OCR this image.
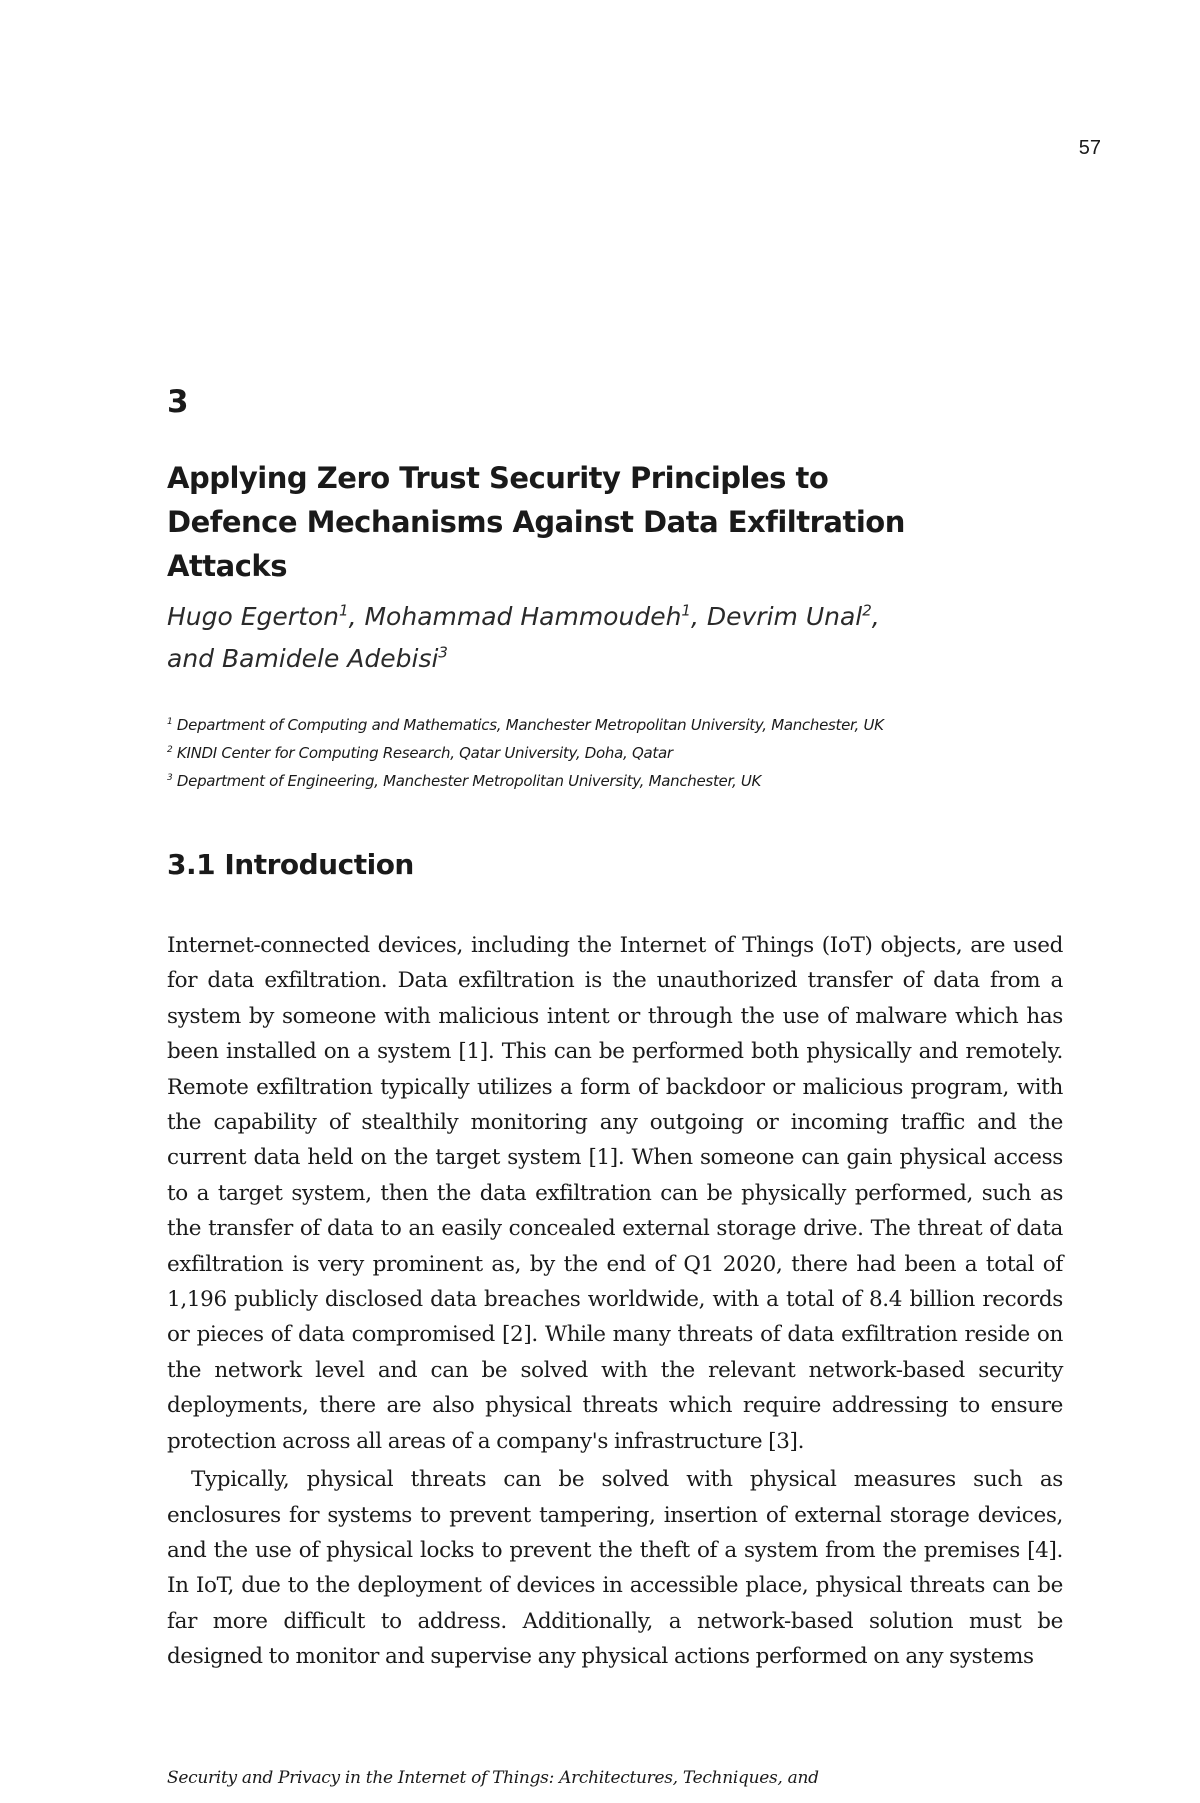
57
3
Applying Zero Trust Security Principles to Defence Mechanisms Against Data Exfiltration Attacks
Hugo Egerton$^1$, Mohammad Hammoudeh$^1$, Devrim Unal$^2$, and Bamidele Adebisi$^3$
$^1$ Department of Computing and Mathematics, Manchester Metropolitan University, Manchester, UK
$^2$ KINDI Center for Computing Research, Qatar University, Doha, Qatar
$^3$ Department of Engineering, Manchester Metropolitan University, Manchester, UK
3.1 Introduction

Internet-connected devices, including the Internet of Things (IoT) objects, are used for data exfiltration. Data exfiltration is the unauthorized transfer of data from a system by someone with malicious intent or through the use of malware which has been installed on a system [1]. This can be performed both physically and remotely. Remote exfiltration typically utilizes a form of backdoor or malicious program, with the capability of stealthily monitoring any outgoing or incoming traffic and the current data held on the target system [1]. When someone can gain physical access to a target system, then the data exfiltration can be physically performed, such as the transfer of data to an easily concealed external storage drive. The threat of data exfiltration is very prominent as, by the end of Q1 2020, there had been a total of 1,196 publicly disclosed data breaches worldwide, with a total of 8.4 billion records or pieces of data compromised [2]. While many threats of data exfiltration reside on the network level and can be solved with the relevant network-based security deployments, there are also physical threats which require addressing to ensure protection across all areas of a company's infrastructure [3].

Typically, physical threats can be solved with physical measures such as enclosures for systems to prevent tampering, insertion of external storage devices, and the use of physical locks to prevent the theft of a system from the premises [4]. In IoT, due to the deployment of devices in accessible place, physical threats can be far more difficult to address. Additionally, a network-based solution must be designed to monitor and supervise any physical actions performed on any systems

Security and Privacy in the Internet of Things: Architectures, Techniques, and
